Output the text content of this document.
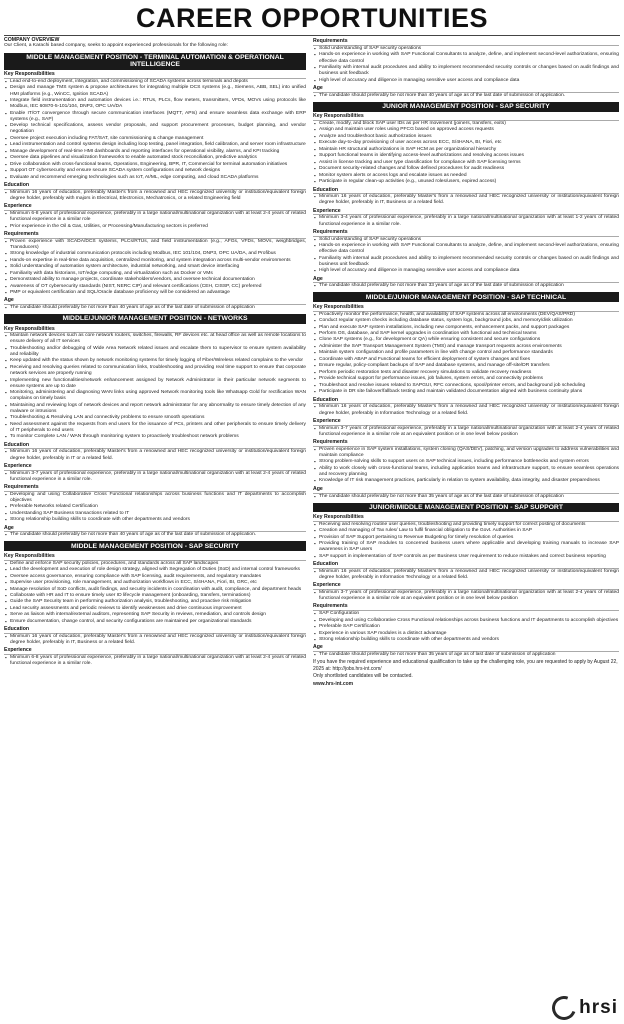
CAREER OPPORTUNITIES
COMPANY OVERVIEW
Our Client, a Karachi based company, seeks to appoint experienced professionals for the following role:
MIDDLE MANAGEMENT POSITION - TERMINAL AUTOMATION & OPERATIONAL INTELLIGENCE
Key Responsibilities
▪ Lead end-to-end deployment, integration, and commissioning of SCADA systems across terminals and depots
▪ Design and manage TMS system & propose architectures for integrating multiple DCS systems (e.g., Siemens, ABB, SEL) into unified HMI platforms (e.g., WinCC, Ignition SCADA)
▪ Integrate field instrumentation and automation devices i.e.: RTUs, PLCs, flow meters, transmitters, VFDs, MOVs using protocols like Modbus, IEC 60870-5-101/104, DNP3, OPC UA/DA
▪ Enable IT/OT convergence through secure communication interfaces (MQTT, APIs) and ensure seamless data exchange with ERP systems (e.g., SAP)
▪ Develop technical specifications, assess vendor proposals, and support procurement processes, budget planning, and vendor negotiation
▪ Oversee project execution including FAT/SAT, site commissioning & change management
▪ Lead instrumentation and control systems design including loop testing, panel integration, field calibration, and server room infrastructure
▪ Manage development of real-time HMI dashboards and reporting interfaces for operational visibility, alarms, and KPI tracking
▪ Oversee data pipelines and visualization frameworks to enable automated stock reconciliation, predictive analytics
▪ Drive collaboration with cross-functional teams, Operations, Engineering, BPR, IT, Commercial for terminal automation initiatives
▪ Support OT cybersecurity and ensure secure SCADA system configurations and network designs
▪ Evaluate and recommend emerging technologies such as IoT, AI/ML, edge computing, and cloud SCADA platforms
Education
▪ Minimum 16 years of education, preferably Master's from a renowned and HEC recognized university or institution/equivalent foreign degree holder, preferably with majors in Electrical, Electronics, Mechatronics, or a related Engineering field
Experience
▪ Minimum 6-8 years of professional experience, preferably in a large national/multinational organization with at least 2-4 years of related functional experience in a similar role
▪ Prior experience in the Oil & Gas, Utilities, or Processing/Manufacturing sectors is preferred
Requirements
▪ Proven experience with SCADA/DCS systems, PLCs/RTUs, and field instrumentation (e.g., AFGs, VFDs, MOVs, weighbridges, Transducers)
▪ Strong knowledge of industrial communication protocols including Modbus, IEC 101/104, DNP3, OPC UA/DA, and Profibus
▪ Hands-on expertise in real-time data acquisition, centralized monitoring, and system integration across multi-vendor environments
▪ Solid understanding of automation system architecture, industrial networking, and smart device interfacing
▪ Familiarity with data historians, IoT/edge computing, and virtualization such as Docker or VMs
▪ Demonstrated ability to manage projects, coordinate stakeholders/vendors, and oversee technical documentation
▪ Awareness of OT cybersecurity standards (NIST, NERC CIP) and relevant certifications (CEH, CISSP, CC) preferred
▪ PMP or equivalent certification and SQL/Oracle database proficiency will be considered an advantage
Age
▪ The candidate should preferably be not more than 40 years of age as of the last date of submission of application
MIDDLE/JUNIOR MANAGEMENT POSITION - NETWORKS
Key Responsibilities
▪ Maintain network devices such as core network routers, switches, firewalls, RF devices etc. at head office as well as remote locations to ensure delivery of all IT services
▪ Troubleshooting and/or debugging of Wide Area Network related issues and escalate them to supervisor to ensure system availability and reliability
▪ Keep updated with the status shown by network monitoring systems for timely logging of Fiber/Wireless related complains to the vendor
▪ Receiving and resolving queries related to communication links, troubleshooting and providing real time support to ensure that corporate network services are properly running
▪ Implementing new functionalities/network enhancement assigned by Network Administrator in their particular network segments to ensure systems are up to date
▪ Monitoring, administering and diagnosing WAN links using approved Network monitoring tools like Whatsapp Gold for rectification WAN complains on timely basis
▪ Maintaining and reviewing logs of network devices and report network administrator for any abnormality to ensure timely detection of any malware or intrusions
▪ Troubleshooting & Resolving LAN and connectivity problems to ensure smooth operations
▪ Need assessment against the requests from end users for the issuance of PCs, printers and other peripherals to ensure timely delivery of IT peripherals to end users
▪ To monitor Complete LAN / WAN through monitoring system to proactively troubleshoot network problems
Education
▪ Minimum 16 years of education, preferably Master's from a renowned and HEC recognized university or institution/equivalent foreign degree holder, preferably in IT or a related field.
Experience
▪ Minimum 3-7 years of professional experience, preferably in a large national/multinational organization with at least 2-4 years of related functional experience in a similar role.
Requirements
▪ Developing and using Collaborative Cross Functional relationships across business functions and IT departments to accomplish objectives
▪ Preferable Networks related Certification
▪ Understanding SAP Business transactions related to IT
▪ Strong relationship building skills to coordinate with other departments and vendors
Age
▪ The candidate should preferably be not more than 40 years of age as of the last date of submission of application.
MIDDLE MANAGEMENT POSITION - SAP SECURITY
Key Responsibilities
▪ Define and enforce SAP security policies, procedures, and standards across all SAP landscapes
▪ Lead the development and execution of role design strategy, aligned with Segregation of Duties (SoD) and internal control frameworks
▪ Oversee access governance, ensuring compliance with SAP licensing, audit requirements, and regulatory mandates
▪ Supervise user provisioning, role management, and authorization workflows in ECC, S/4HANA, Fiori, BI, GRC, etc
▪ Manage resolution of SoD conflicts, audit findings, and security incidents in coordination with audit, compliance, and department heads
▪ Collaborate with HR and IT to ensure timely user ID lifecycle management (onboarding, transfers, terminations)
▪ Guide the SAP Security team in performing authorization analysis, troubleshooting, and proactive risk mitigation
▪ Lead security assessments and periodic reviews to identify weaknesses and drive continuous improvement
▪ Serve as liaison with internal/external auditors, representing SAP Security in reviews, remediation, and controls design
▪ Ensure documentation, change control, and security configurations are maintained per organizational standards
Education
▪ Minimum 16 years of education, preferably Master's from a renowned and HEC recognized university or institution/equivalent foreign degree holder, preferably in IT, Business or a related field.
Experience
▪ Minimum 6-8 years of professional experience, preferably in a large national/multinational organization with at least 2-4 years of related functional experience in a similar role.
Requirements
▪ Solid understanding of SAP security operations
▪ Hands-on experience in working with SAP Functional Consultants to analyze, define, and implement second-level authorizations, ensuring effective data control
▪ Familiarity with internal audit procedures and ability to implement recommended security controls or changes based on audit findings and business unit feedback
▪ High level of accuracy and diligence in managing sensitive user access and compliance data
Age
▪ The candidate should preferably be not more than 40 years of age as of the last date of submission of application.
JUNIOR MANAGEMENT POSITION - SAP SECURITY
Key Responsibilities
▪ Create, modify, and block SAP user IDs as per HR movement (joiners, transfers, exits)
▪ Assign and maintain user roles using PFCG based on approved access requests
▪ Analyze and troubleshoot basic authorization issues
▪ Execute day-to-day provisioning of user access across ECC, S/4HANA, BI, Fiori, etc
▪ Maintain HR structural authorizations in SAP HCM as per organizational hierarchy
▪ Support functional teams in identifying access-level authorizations and resolving access issues
▪ Assist in license tracking and user type classification for compliance with SAP licensing terms
▪ Document security-related changes and follow defined procedures for audit readiness
▪ Monitor system alerts or access logs and escalate issues as needed
▪ Participate in regular clean-up activities (e.g., unused roles/users, expired access)
Education
▪ Minimum 16 years of education, preferably Master's from a renowned and HEC recognized university or institution/equivalent foreign degree holder, preferably in IT, Business or a related field.
Experience
▪ Minimum 3-4 years of professional experience, preferably in a large national/multinational organization with at least 1-2 years of related functional experience in a similar role.
Requirements
▪ Solid understanding of SAP security operations
▪ Hands-on experience in working with SAP Functional Consultants to analyze, define, and implement second-level authorizations, ensuring effective data control
▪ Familiarity with internal audit procedures and ability to implement recommended security controls or changes based on audit findings and business unit feedback
▪ High level of accuracy and diligence in managing sensitive user access and compliance data
Age
▪ The candidate should preferably be not more than 33 years of age as of the last date of submission of application
MIDDLE/JUNIOR MANAGEMENT POSITION - SAP TECHNICAL
Key Responsibilities
▪ Proactively monitor the performance, health, and availability of SAP systems across all environments (DEV/QAS/PRD)
▪ Conduct regular system checks including database status, system logs, background jobs, and memory/disk utilization
▪ Plan and execute SAP system installations, including new components, enhancement packs, and support packages
▪ Perform OS, database, and SAP kernel upgrades in coordination with functional and technical teams
▪ Clone SAP systems (e.g., for development or QA) while ensuring consistent and secure configurations
▪ Administer the SAP Transport Management System (TMS) and manage transport requests across environments
▪ Maintain system configuration and profile parameters in line with change control and performance standards
▪ Coordinate with ABAP and Functional teams for efficient deployment of system changes and fixes
▪ Ensure regular, policy-compliant backups of SAP and database systems, and manage off-site/DR transfers
▪ Perform periodic restoration tests and disaster recovery simulations to validate recovery readiness
▪ Provide technical support for performance issues, job failures, system errors, and connectivity problems
▪ Troubleshoot and resolve issues related to SAPGUI, RFC connections, spool/printer errors, and background job scheduling
▪ Participate in DR site failover/fallback testing and maintain validated documentation aligned with business continuity plans
Education
▪ Minimum 16 years of education, preferably Master's from a renowned and HEC recognized university or institution/equivalent foreign degree holder, preferably in Information Technology or a related field.
Experience
▪ Minimum 3-7 years of professional experience, preferably in a large national/multinational organization with at least 2-4 years of related functional experience in a similar role at an equivalent position or in one level below position
Requirements
▪ Proven experience in SAP system installations, system cloning (QAS/DEV), patching, and version upgrades to address vulnerabilities and maintain compliance
▪ Strong problem-solving skills to support users on SAP technical issues, including performance bottlenecks and system errors
▪ Ability to work closely with cross-functional teams, including application teams and infrastructure support, to ensure seamless operations and recovery planning
▪ Knowledge of IT risk management practices, particularly in relation to system availability, data integrity, and disaster preparedness
Age
▪ The candidate should preferably be not more than 35 years of age as of the last date of submission of application
JUNIOR/MIDDLE MANAGEMENT POSITION - SAP SUPPORT
Key Responsibilities
▪ Receiving and resolving routine user queries, troubleshooting and providing timely support for correct posting of documents
▪ Creation and managing of Tax rules/ Law to fulfil financial obligation to the Govt. Authorities in SAP
▪ Provision of SAP Support pertaining to Revenue Budgeting for timely resolution of queries
▪ Providing training of SAP modules to concerned business users where applicable and developing training manuals to increase SAP awareness in SAP users
▪ SAP support in implementation of SAP controls as per Business User requirement to reduce mistakes and correct business reporting
Education
▪ Minimum 16 years of education, preferably Master's from a renowned and HEC recognized university or institution/equivalent foreign degree holder, preferably in Information Technology or a related field.
Experience
▪ Minimum 3-7 years of professional experience, preferably in a large national/multinational organization with at least 2-4 years of related functional experience in a similar role at an equivalent position or in one level below position
Requirements
▪ SAP Configuration
▪ Developing and using Collaborative Cross Functional relationships across business functions and IT departments to accomplish objectives
▪ Preferable SAP Certification
▪ Experience in various SAP modules is a distinct advantage
▪ Strong relationship building skills to coordinate with other departments and vendors
Age
▪ The candidate should preferably be not more than 35 years of age as of last date of submission of application
If you have the required experience and educational qualification to take up the challenging role, you are requested to apply by August 22, 2025 at: http://jobs.hrs-int.com/
Only shortlisted candidates will be contacted.
www.hrs-int.com
hrsi
